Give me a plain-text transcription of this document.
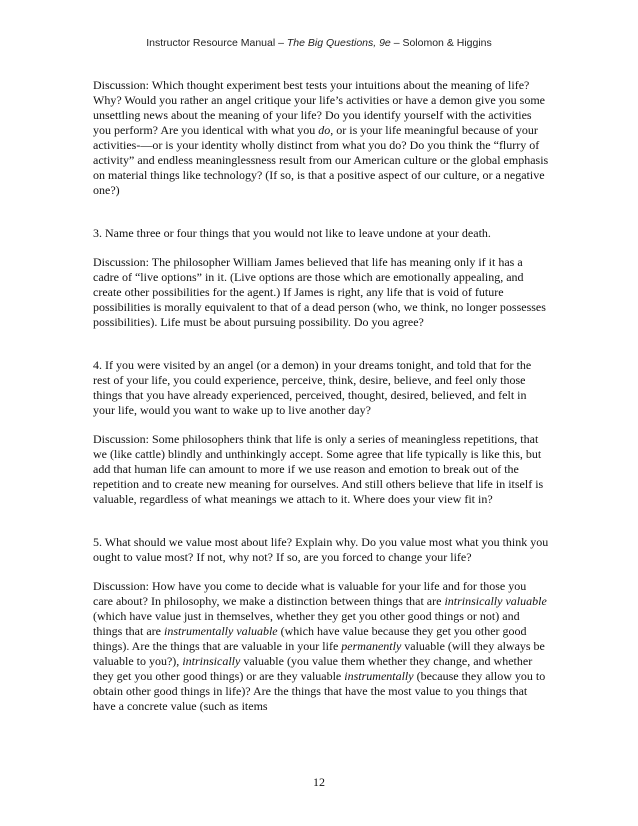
Instructor Resource Manual – The Big Questions, 9e – Solomon & Higgins

Discussion: Which thought experiment best tests your intuitions about the meaning of life? Why? Would you rather an angel critique your life’s activities or have a demon give you some unsettling news about the meaning of your life? Do you identify yourself with the activities you perform? Are you identical with what you do, or is your life meaningful because of your activities-—or is your identity wholly distinct from what you do? Do you think the “flurry of activity” and endless meaninglessness result from our American culture or the global emphasis on material things like technology? (If so, is that a positive aspect of our culture, or a negative one?)

3. Name three or four things that you would not like to leave undone at your death.

Discussion: The philosopher William James believed that life has meaning only if it has a cadre of “live options” in it. (Live options are those which are emotionally appealing, and create other possibilities for the agent.) If James is right, any life that is void of future possibilities is morally equivalent to that of a dead person (who, we think, no longer possesses possibilities). Life must be about pursuing possibility. Do you agree?

4. If you were visited by an angel (or a demon) in your dreams tonight, and told that for the rest of your life, you could experience, perceive, think, desire, believe, and feel only those things that you have already experienced, perceived, thought, desired, believed, and felt in your life, would you want to wake up to live another day?

Discussion: Some philosophers think that life is only a series of meaningless repetitions, that we (like cattle) blindly and unthinkingly accept. Some agree that life typically is like this, but add that human life can amount to more if we use reason and emotion to break out of the repetition and to create new meaning for ourselves. And still others believe that life in itself is valuable, regardless of what meanings we attach to it. Where does your view fit in?

5. What should we value most about life? Explain why. Do you value most what you think you ought to value most? If not, why not? If so, are you forced to change your life?

Discussion: How have you come to decide what is valuable for your life and for those you care about? In philosophy, we make a distinction between things that are intrinsically valuable (which have value just in themselves, whether they get you other good things or not) and things that are instrumentally valuable (which have value because they get you other good things). Are the things that are valuable in your life permanently valuable (will they always be valuable to you?), intrinsically valuable (you value them whether they change, and whether they get you other good things) or are they valuable instrumentally (because they allow you to obtain other good things in life)? Are the things that have the most value to you things that have a concrete value (such as items

12
